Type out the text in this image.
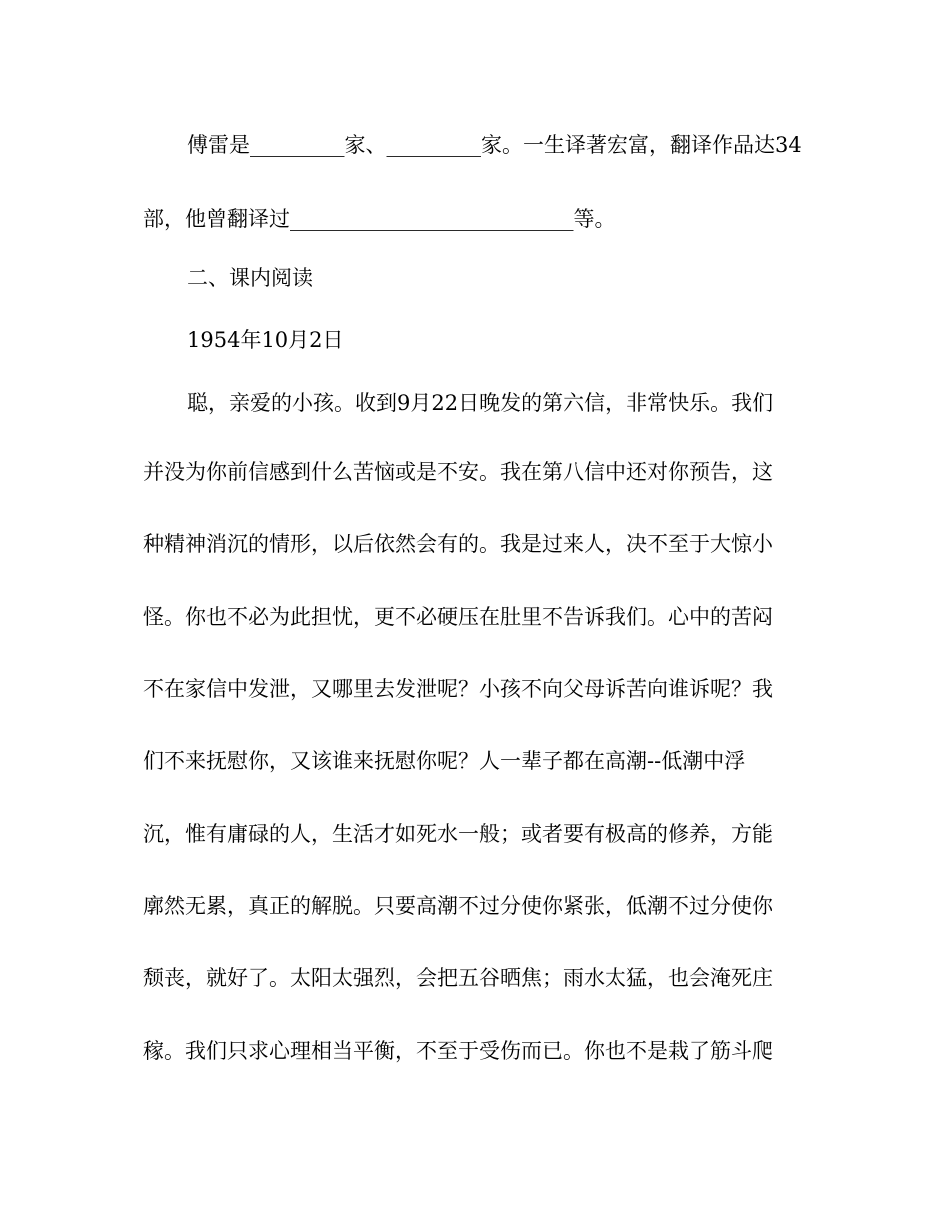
傅雷是_________家、_________家。一生译著宏富，翻译作品达34
部，他曾翻译过___________________________等。
二、课内阅读
1954年10月2日
聪，亲爱的小孩。收到9月22日晚发的第六信，非常快乐。我们
并没为你前信感到什么苦恼或是不安。我在第八信中还对你预告，这
种精神消沉的情形，以后依然会有的。我是过来人，决不至于大惊小
怪。你也不必为此担忧，更不必硬压在肚里不告诉我们。心中的苦闷
不在家信中发泄，又哪里去发泄呢？小孩不向父母诉苦向谁诉呢？我
们不来抚慰你，又该谁来抚慰你呢？人一辈子都在高潮--低潮中浮
沉，惟有庸碌的人，生活才如死水一般；或者要有极高的修养，方能
廓然无累，真正的解脱。只要高潮不过分使你紧张，低潮不过分使你
颓丧，就好了。太阳太强烈，会把五谷晒焦；雨水太猛，也会淹死庄
稼。我们只求心理相当平衡，不至于受伤而已。你也不是栽了筋斗爬
